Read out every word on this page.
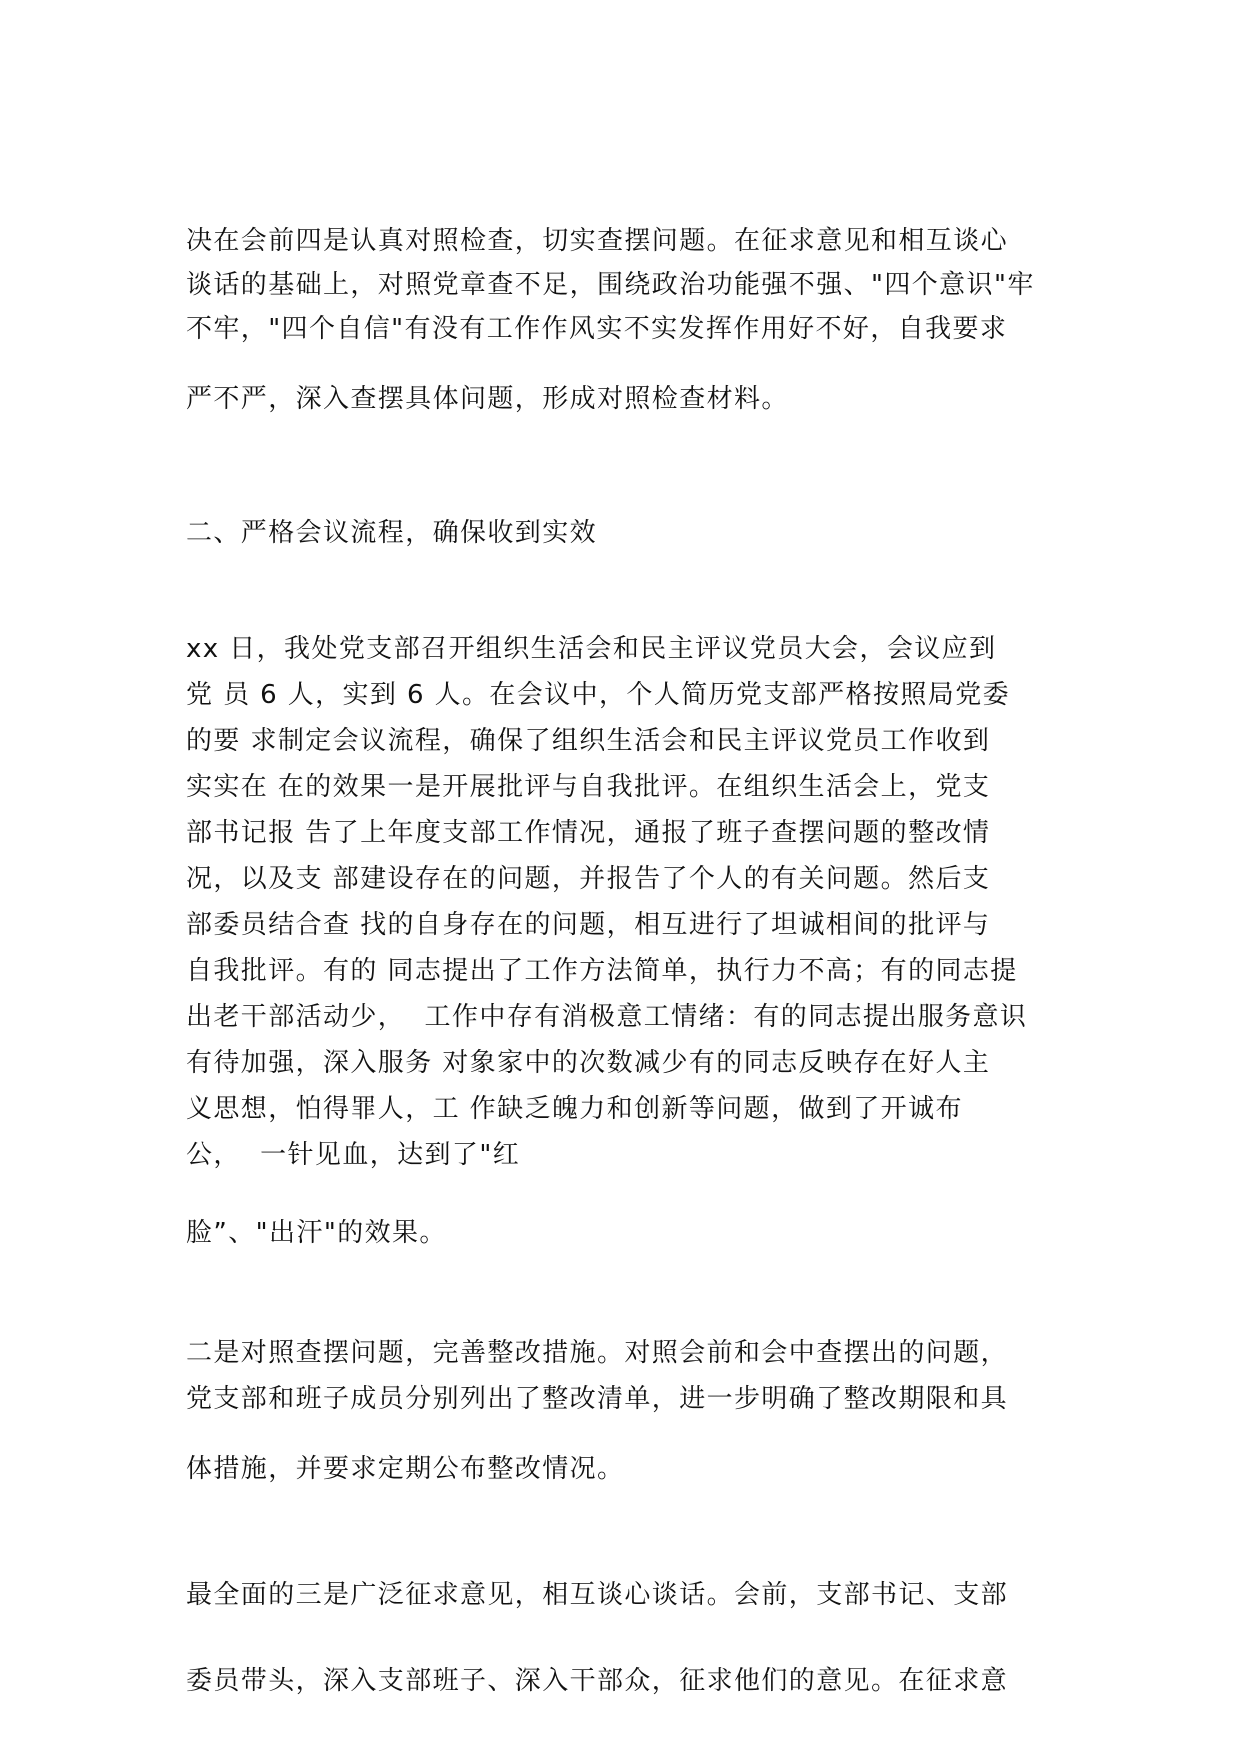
决在会前四是认真对照检查，切实查摆问题。在征求意见和相互谈心

谈话的基础上，对照党章查不足，围绕政治功能强不强、"四个意识"牢

不牢，"四个自信"有没有工作作风实不实发挥作用好不好，自我要求

严不严，深入查摆具体问题，形成对照检查材料。

二、严格会议流程，确保收到实效

xx 日，我处党支部召开组织生活会和民主评议党员大会，会议应到

党 员 6 人，实到 6 人。在会议中，个人简历党支部严格按照局党委

的要 求制定会议流程，确保了组织生活会和民主评议党员工作收到

实实在 在的效果一是开展批评与自我批评。在组织生活会上，党支

部书记报 告了上年度支部工作情况，通报了班子查摆问题的整改情

况，以及支 部建设存在的问题，并报告了个人的有关问题。然后支

部委员结合查 找的自身存在的问题，相互进行了坦诚相间的批评与

自我批评。有的 同志提出了工作方法简单，执行力不高；有的同志提

出老干部活动少，  工作中存有消极意工情绪：有的同志提出服务意识

有待加强，深入服务 对象家中的次数减少有的同志反映存在好人主

义思想，怕得罪人，工 作缺乏魄力和创新等问题，做到了开诚布

公，  一针见血，达到了"红

脸”、"出汗"的效果。

二是对照查摆问题，完善整改措施。对照会前和会中查摆出的问题，

党支部和班子成员分别列出了整改清单，进一步明确了整改期限和具

体措施，并要求定期公布整改情况。

最全面的三是广泛征求意见，相互谈心谈话。会前，支部书记、支部

委员带头，深入支部班子、深入干部众，征求他们的意见。在征求意
